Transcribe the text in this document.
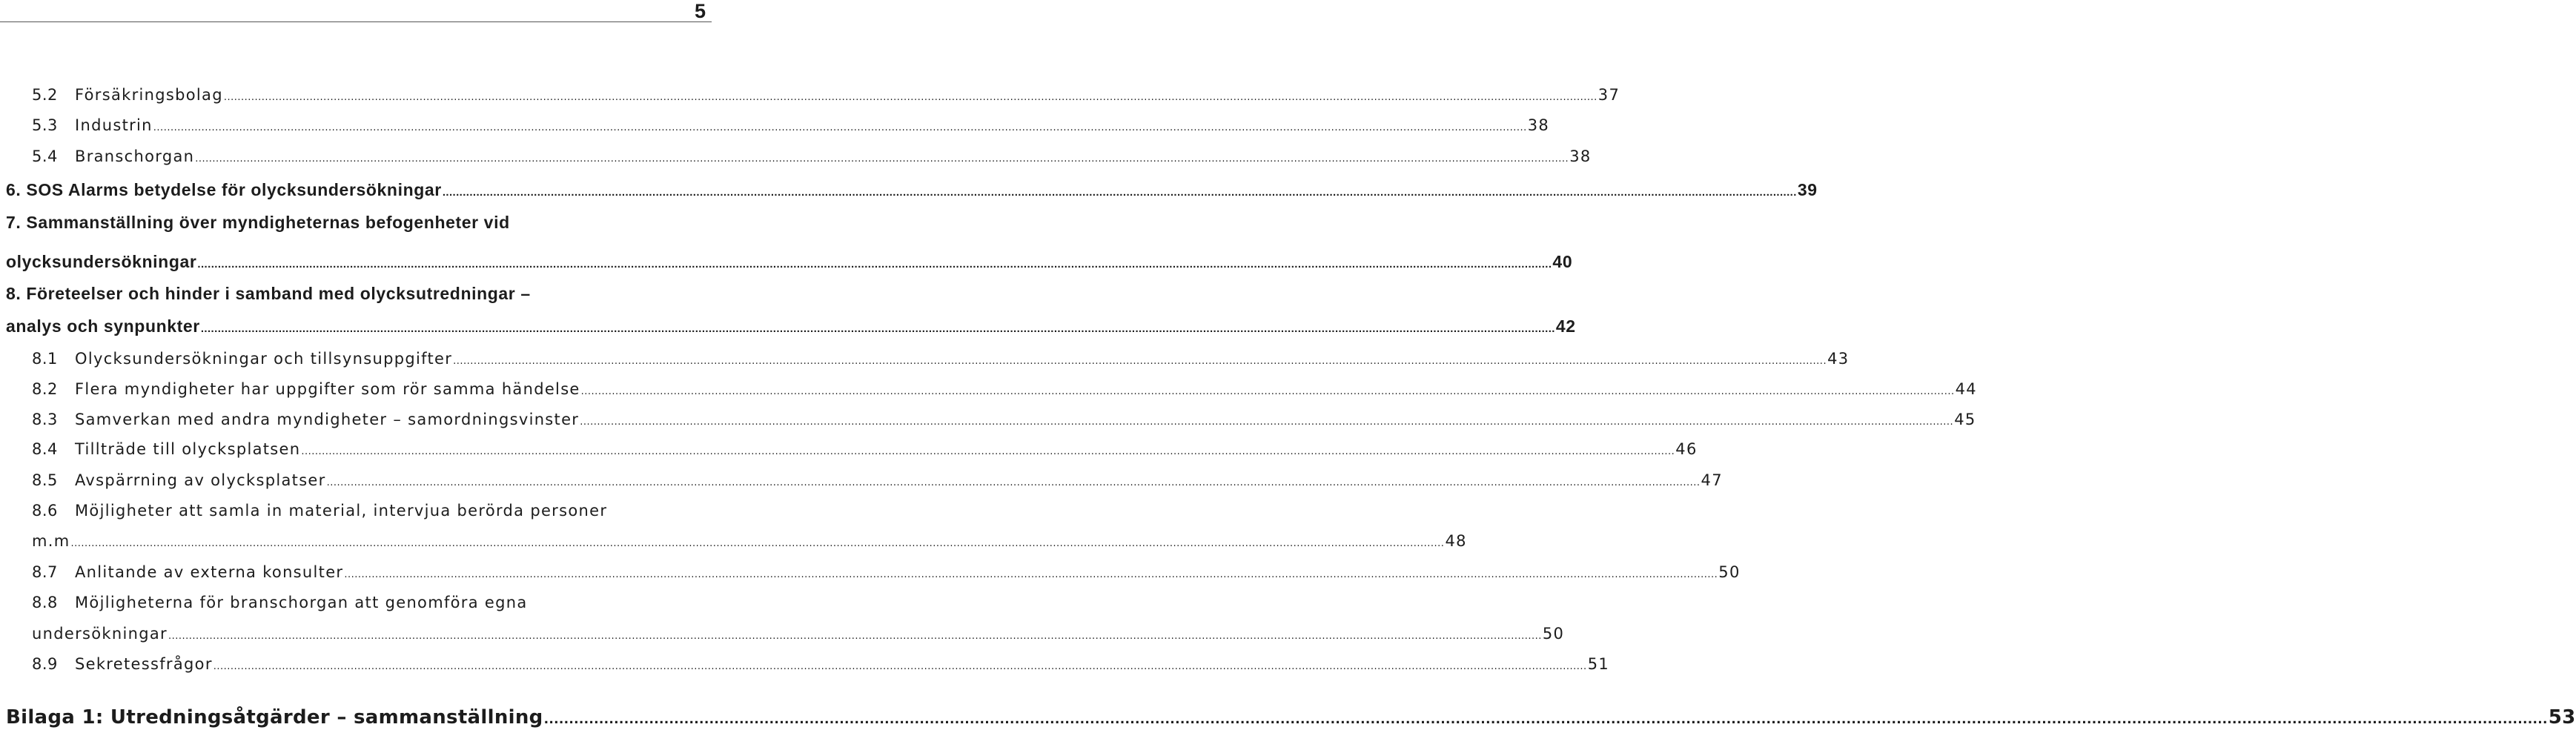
5
5.2 Försäkringsbolag ................................................................................................................................................................................................................................................................................................................................................................................................................ 37
5.3 Industrin ................................................................................................................................................................................................................................................................................................................................................................................................................ 38
5.4 Branschorgan ................................................................................................................................................................................................................................................................................................................................................................................................................ 38
6. SOS Alarms betydelse för olycksundersökningar ................................................................................................................................................................................................................................................................................................................................................................................................................ 39
7. Sammanställning över myndigheternas befogenheter vid
olycksundersökningar ................................................................................................................................................................................................................................................................................................................................................................................................................ 40
8. Företeelser och hinder i samband med olycksutredningar –
analys och synpunkter ................................................................................................................................................................................................................................................................................................................................................................................................................ 42
8.1 Olycksundersökningar och tillsynsuppgifter ................................................................................................................................................................................................................................................................................................................................................................................................................ 43
8.2 Flera myndigheter har uppgifter som rör samma händelse ................................................................................................................................................................................................................................................................................................................................................................................................................ 44
8.3 Samverkan med andra myndigheter – samordningsvinster ................................................................................................................................................................................................................................................................................................................................................................................................................ 45
8.4 Tillträde till olycksplatsen ................................................................................................................................................................................................................................................................................................................................................................................................................ 46
8.5 Avspärrning av olycksplatser ................................................................................................................................................................................................................................................................................................................................................................................................................ 47
8.6 Möjligheter att samla in material, intervjua berörda personer
m.m ................................................................................................................................................................................................................................................................................................................................................................................................................ 48
8.7 Anlitande av externa konsulter ................................................................................................................................................................................................................................................................................................................................................................................................................ 50
8.8 Möjligheterna för branschorgan att genomföra egna
undersökningar ................................................................................................................................................................................................................................................................................................................................................................................................................ 50
8.9 Sekretessfrågor ................................................................................................................................................................................................................................................................................................................................................................................................................ 51
Bilaga 1: Utredningsåtgärder – sammanställning ................................................................................................................................................................................................................................................................................................................................................................................................................ 53
